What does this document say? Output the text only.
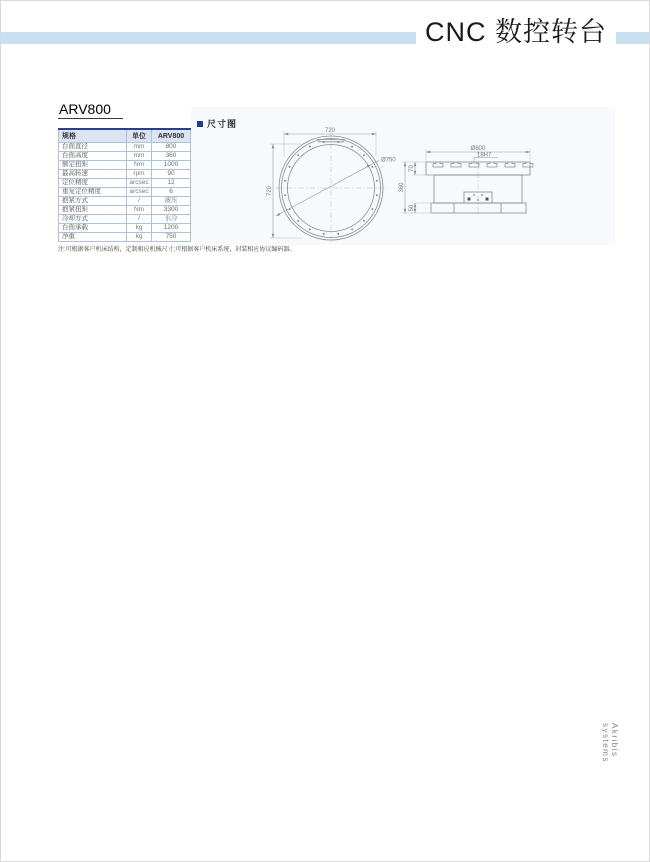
CNC 数控转台
ARV800
规格	单位	ARV800
台面直径	mm	800
台面高度	mm	360
额定扭矩	Nm	1000
最高转速	rpm	90
定位精度	arcsec	12
重复定位精度	arcsec	6
抱紧方式	/	液压
抱紧扭矩	Nm	3300
冷却方式	/	水冷
台面承载	kg	1200
净重	kg	750
注:可根据客户机床结构，定制相应机械尺寸;可根据客户机床系统，封装相应协议编码器。
尺寸图
720
720
Ø750
Ø800
18H7
70
360
50
Akribis systems
